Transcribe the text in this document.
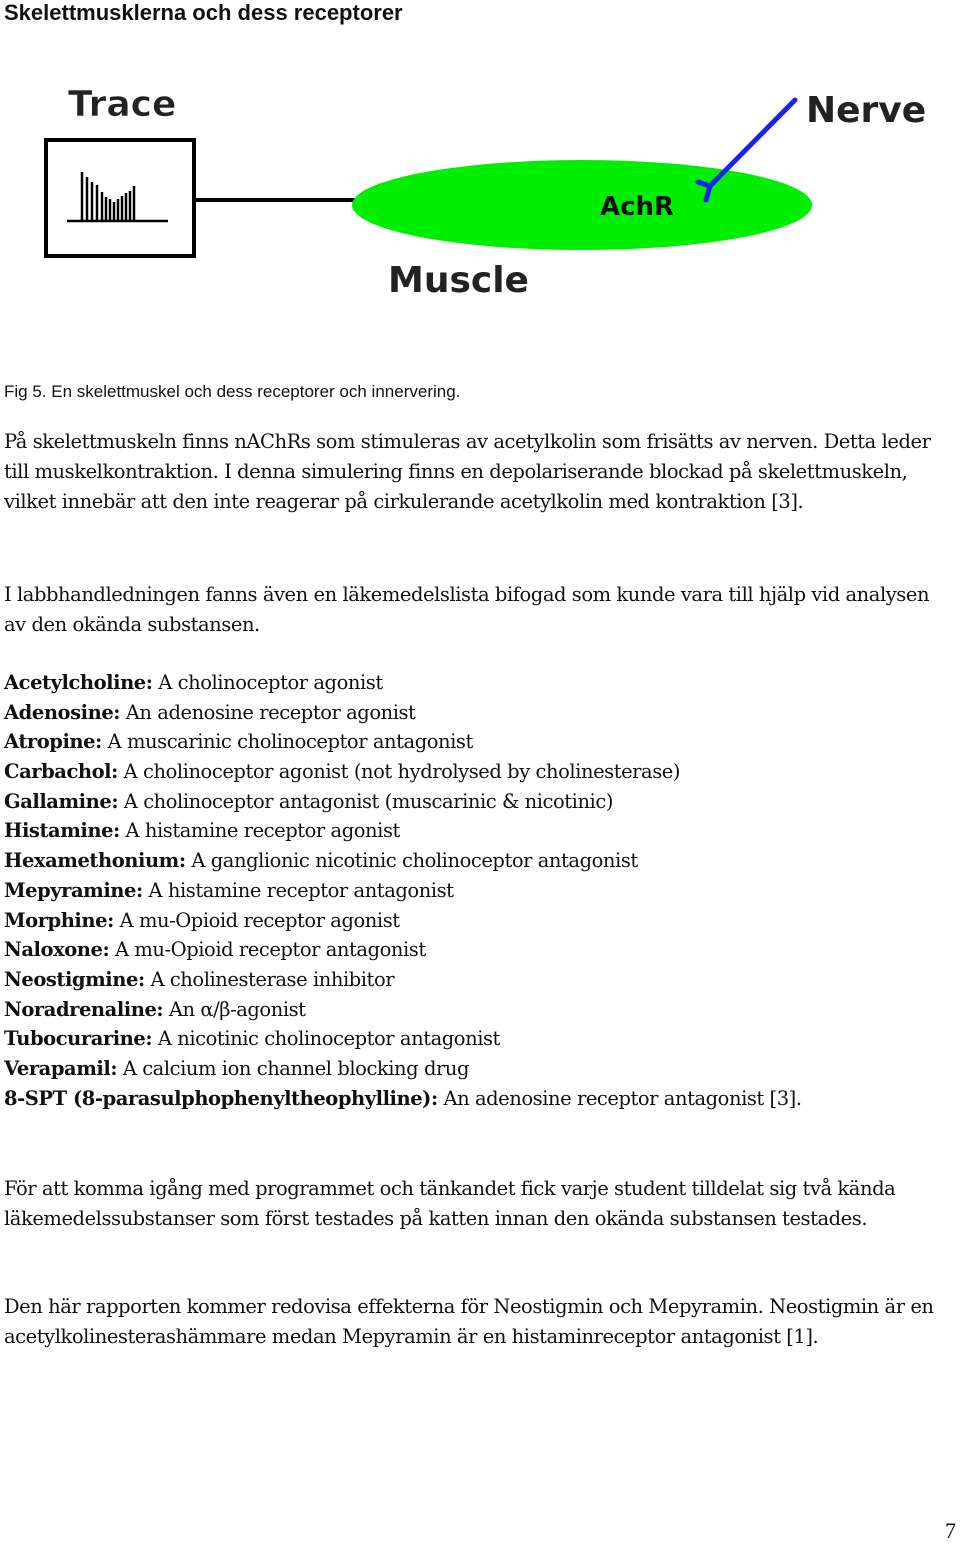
Skelettmusklerna och dess receptorer
Trace
AchR
Nerve
Muscle
Fig 5. En skelettmuskel och dess receptorer och innervering.

På skelettmuskeln finns nAChRs som stimuleras av acetylkolin som frisätts av nerven. Detta leder till muskelkontraktion. I denna simulering finns en depolariserande blockad på skelettmuskeln, vilket innebär att den inte reagerar på cirkulerande acetylkolin med kontraktion [3].

I labbhandledningen fanns även en läkemedelslista bifogad som kunde vara till hjälp vid analysen av den okända substansen.

Acetylcholine: A cholinoceptor agonist
Adenosine: An adenosine receptor agonist
Atropine: A muscarinic cholinoceptor antagonist
Carbachol: A cholinoceptor agonist (not hydrolysed by cholinesterase)
Gallamine: A cholinoceptor antagonist (muscarinic & nicotinic)
Histamine: A histamine receptor agonist
Hexamethonium: A ganglionic nicotinic cholinoceptor antagonist
Mepyramine: A histamine receptor antagonist
Morphine: A mu-Opioid receptor agonist
Naloxone: A mu-Opioid receptor antagonist
Neostigmine: A cholinesterase inhibitor
Noradrenaline: An α/β-agonist
Tubocurarine: A nicotinic cholinoceptor antagonist
Verapamil: A calcium ion channel blocking drug
8-SPT (8-parasulphophenyltheophylline): An adenosine receptor antagonist [3].

För att komma igång med programmet och tänkandet fick varje student tilldelat sig två kända läkemedelssubstanser som först testades på katten innan den okända substansen testades.

Den här rapporten kommer redovisa effekterna för Neostigmin och Mepyramin. Neostigmin är en acetylkolinesterashämmare medan Mepyramin är en histaminreceptor antagonist [1].

7
